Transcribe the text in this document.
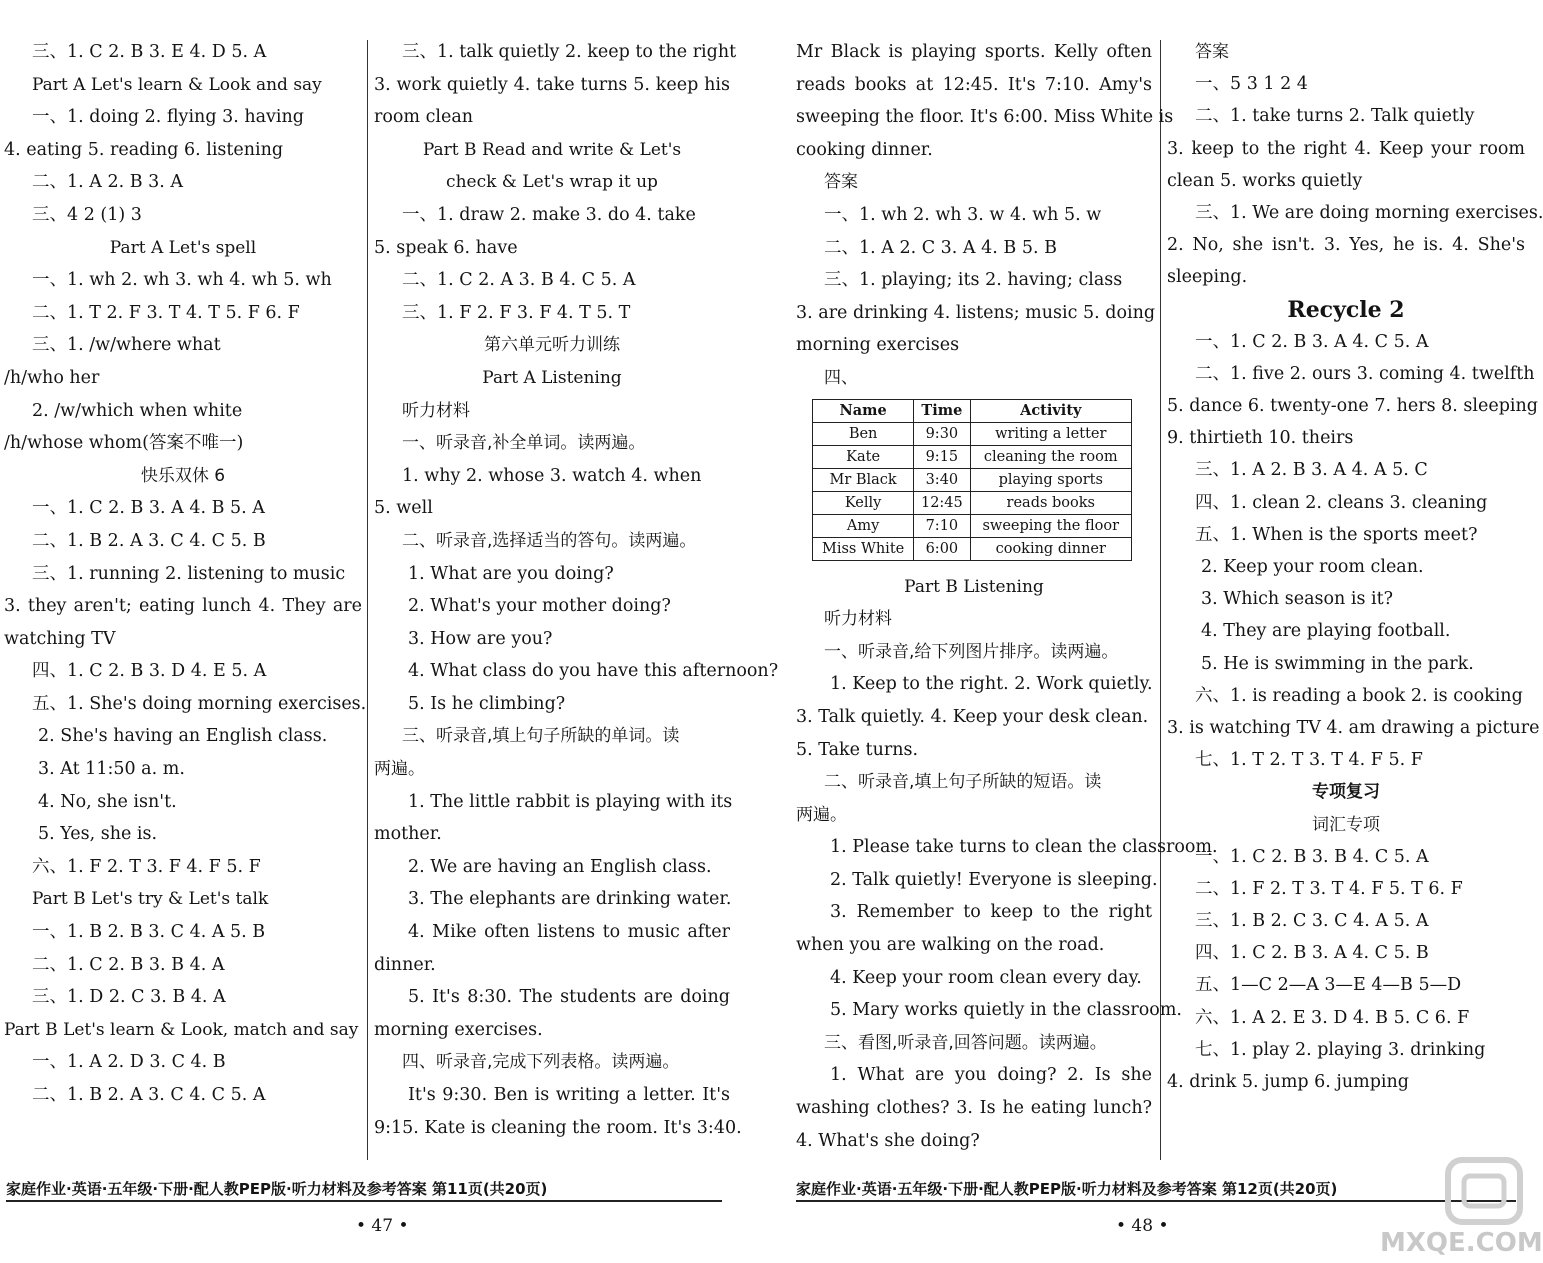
三、1. C 2. B 3. E 4. D 5. A
Part A Let's learn & Look and say
一、1. doing 2. flying 3. having
4. eating 5. reading 6. listening
二、1. A 2. B 3. A
三、4 2 (1) 3
Part A Let's spell
一、1. wh 2. wh 3. wh 4. wh 5. wh
二、1. T 2. F 3. T 4. T 5. F 6. F
三、1. /w/where what
/h/who her
2. /w/which when white
/h/whose whom(答案不唯一)
快乐双休 6
一、1. C 2. B 3. A 4. B 5. A
二、1. B 2. A 3. C 4. C 5. B
三、1. running 2. listening to music
3. they aren't; eating lunch 4. They are
watching TV
四、1. C 2. B 3. D 4. E 5. A
五、1. She's doing morning exercises.
2. She's having an English class.
3. At 11:50 a. m.
4. No, she isn't.
5. Yes, she is.
六、1. F 2. T 3. F 4. F 5. F
Part B Let's try & Let's talk
一、1. B 2. B 3. C 4. A 5. B
二、1. C 2. B 3. B 4. A
三、1. D 2. C 3. B 4. A
Part B Let's learn & Look, match and say
一、1. A 2. D 3. C 4. B
二、1. B 2. A 3. C 4. C 5. A
三、1. talk quietly 2. keep to the right
3. work quietly 4. take turns 5. keep his
room clean
Part B Read and write & Let's
check & Let's wrap it up
一、1. draw 2. make 3. do 4. take
5. speak 6. have
二、1. C 2. A 3. B 4. C 5. A
三、1. F 2. F 3. F 4. T 5. T
第六单元听力训练
Part A Listening
听力材料
一、听录音,补全单词。读两遍。
1. why 2. whose 3. watch 4. when
5. well
二、听录音,选择适当的答句。读两遍。
1. What are you doing?
2. What's your mother doing?
3. How are you?
4. What class do you have this afternoon?
5. Is he climbing?
三、听录音,填上句子所缺的单词。读
两遍。
1. The little rabbit is playing with its
mother.
2. We are having an English class.
3. The elephants are drinking water.
4. Mike often listens to music after
dinner.
5. It's 8:30. The students are doing
morning exercises.
四、听录音,完成下列表格。读两遍。
It's 9:30. Ben is writing a letter. It's
9:15. Kate is cleaning the room. It's 3:40.
Mr Black is playing sports. Kelly often
reads books at 12:45. It's 7:10. Amy's
sweeping the floor. It's 6:00. Miss White is
cooking dinner.
答案
一、1. wh 2. wh 3. w 4. wh 5. w
二、1. A 2. C 3. A 4. B 5. B
三、1. playing; its 2. having; class
3. are drinking 4. listens; music 5. doing
morning exercises
四、
Name	Time	Activity
Ben	9:30	writing a letter
Kate	9:15	cleaning the room
Mr Black	3:40	playing sports
Kelly	12:45	reads books
Amy	7:10	sweeping the floor
Miss White	6:00	cooking dinner
Part B Listening
听力材料
一、听录音,给下列图片排序。读两遍。
1. Keep to the right. 2. Work quietly.
3. Talk quietly. 4. Keep your desk clean.
5. Take turns.
二、听录音,填上句子所缺的短语。读
两遍。
1. Please take turns to clean the classroom.
2. Talk quietly! Everyone is sleeping.
3. Remember to keep to the right
when you are walking on the road.
4. Keep your room clean every day.
5. Mary works quietly in the classroom.
三、看图,听录音,回答问题。读两遍。
1. What are you doing? 2. Is she
washing clothes? 3. Is he eating lunch?
4. What's she doing?
答案
一、5 3 1 2 4
二、1. take turns 2. Talk quietly
3. keep to the right 4. Keep your room
clean 5. works quietly
三、1. We are doing morning exercises.
2. No, she isn't. 3. Yes, he is. 4. She's
sleeping.
Recycle 2
一、1. C 2. B 3. A 4. C 5. A
二、1. five 2. ours 3. coming 4. twelfth
5. dance 6. twenty-one 7. hers 8. sleeping
9. thirtieth 10. theirs
三、1. A 2. B 3. A 4. A 5. C
四、1. clean 2. cleans 3. cleaning
五、1. When is the sports meet?
2. Keep your room clean.
3. Which season is it?
4. They are playing football.
5. He is swimming in the park.
六、1. is reading a book 2. is cooking
3. is watching TV 4. am drawing a picture
七、1. T 2. T 3. T 4. F 5. F
专项复习
词汇专项
一、1. C 2. B 3. B 4. C 5. A
二、1. F 2. T 3. T 4. F 5. T 6. F
三、1. B 2. C 3. C 4. A 5. A
四、1. C 2. B 3. A 4. C 5. B
五、1—C 2—A 3—E 4—B 5—D
六、1. A 2. E 3. D 4. B 5. C 6. F
七、1. play 2. playing 3. drinking
4. drink 5. jump 6. jumping
家庭作业·英语·五年级·下册·配人教PEP版·听力材料及参考答案 第11页(共20页)	家庭作业·英语·五年级·下册·配人教PEP版·听力材料及参考答案 第12页(共20页)
• 47 •	• 48 •
MXQE.COM
